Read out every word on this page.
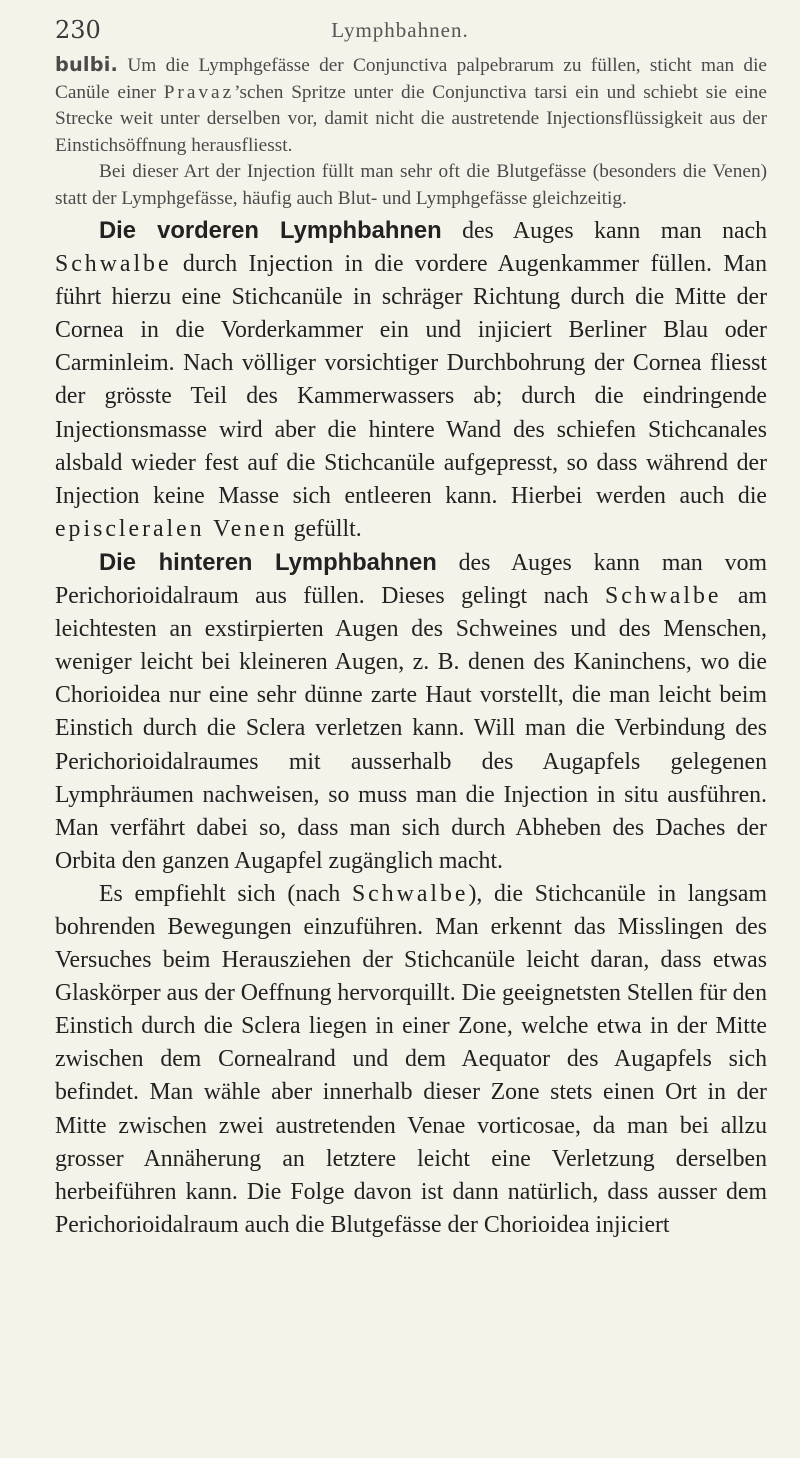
230	Lymphbahnen.

bulbi. Um die Lymphgefässe der Conjunctiva palpebrarum zu füllen, sticht man die Canüle einer Pravaz’schen Spritze unter die Conjunctiva tarsi ein und schiebt sie eine Strecke weit unter derselben vor, damit nicht die austretende Injectionsflüssigkeit aus der Einstichsöffnung herausfliesst.

Bei dieser Art der Injection füllt man sehr oft die Blutgefässe (besonders die Venen) statt der Lymphgefässe, häufig auch Blut- und Lymphgefässe gleichzeitig.

Die vorderen Lymphbahnen des Auges kann man nach Schwalbe durch Injection in die vordere Augenkammer füllen. Man führt hierzu eine Stichcanüle in schräger Richtung durch die Mitte der Cornea in die Vorderkammer ein und injiciert Berliner Blau oder Carminleim. Nach völliger vorsichtiger Durchbohrung der Cornea fliesst der grösste Teil des Kammerwassers ab; durch die eindringende Injectionsmasse wird aber die hintere Wand des schiefen Stichcanales alsbald wieder fest auf die Stichcanüle aufgepresst, so dass während der Injection keine Masse sich entleeren kann. Hierbei werden auch die episcleralen Venen gefüllt.

Die hinteren Lymphbahnen des Auges kann man vom Perichorioidalraum aus füllen. Dieses gelingt nach Schwalbe am leichtesten an exstirpierten Augen des Schweines und des Menschen, weniger leicht bei kleineren Augen, z. B. denen des Kaninchens, wo die Chorioidea nur eine sehr dünne zarte Haut vorstellt, die man leicht beim Einstich durch die Sclera verletzen kann. Will man die Verbindung des Perichorioidalraumes mit ausserhalb des Augapfels gelegenen Lymphräumen nachweisen, so muss man die Injection in situ ausführen. Man verfährt dabei so, dass man sich durch Abheben des Daches der Orbita den ganzen Augapfel zugänglich macht.

Es empfiehlt sich (nach Schwalbe), die Stichcanüle in langsam bohrenden Bewegungen einzuführen. Man erkennt das Misslingen des Versuches beim Herausziehen der Stichcanüle leicht daran, dass etwas Glaskörper aus der Oeffnung hervorquillt. Die geeignetsten Stellen für den Einstich durch die Sclera liegen in einer Zone, welche etwa in der Mitte zwischen dem Cornealrand und dem Aequator des Augapfels sich befindet. Man wähle aber innerhalb dieser Zone stets einen Ort in der Mitte zwischen zwei austretenden Venae vorticosae, da man bei allzu grosser Annäherung an letztere leicht eine Verletzung derselben herbeiführen kann. Die Folge davon ist dann natürlich, dass ausser dem Perichorioidalraum auch die Blutgefässe der Chorioidea injiciert
